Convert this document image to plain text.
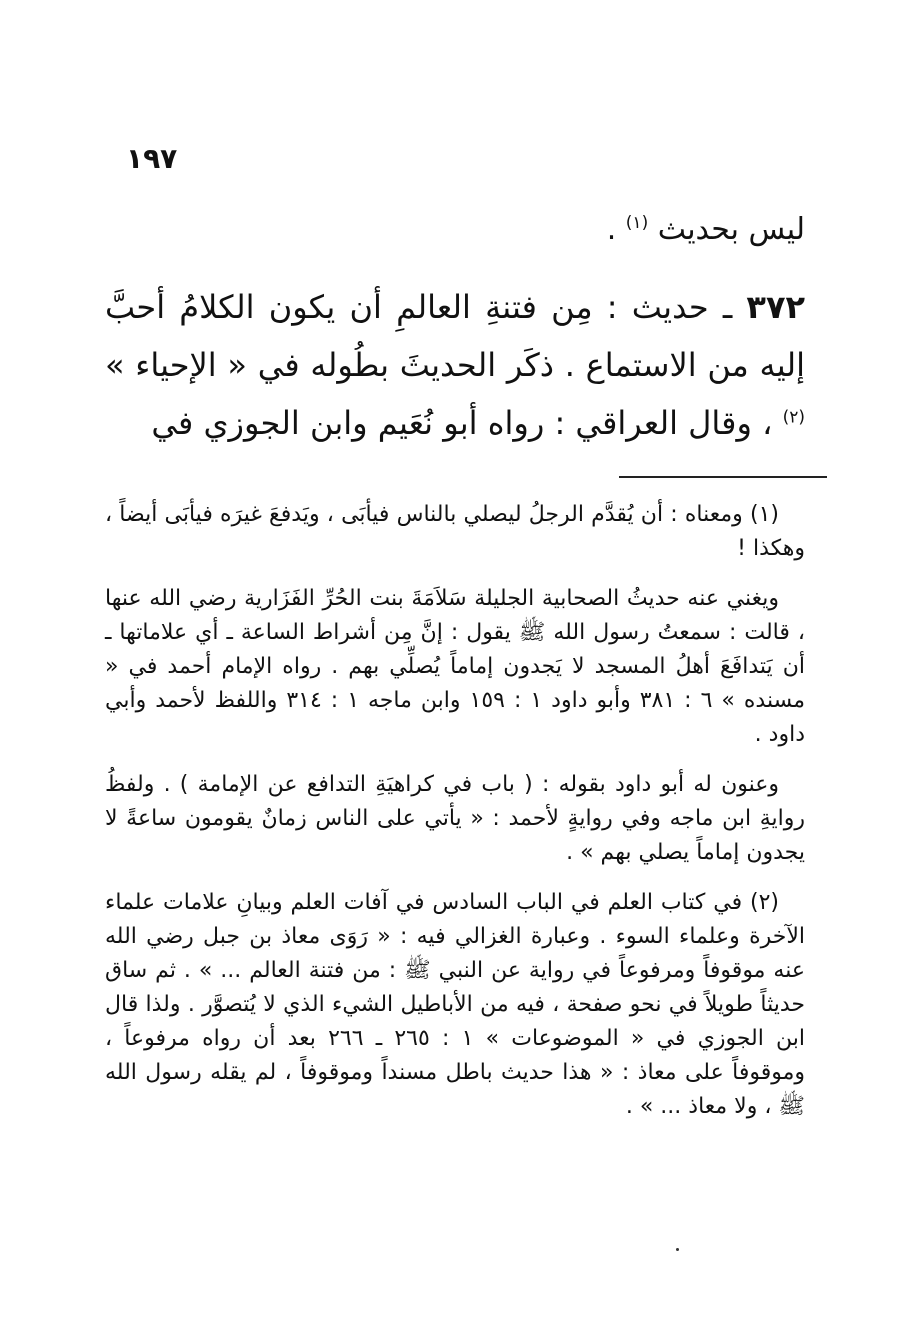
١٩٧
ليس بحديث $^{(١)}$ .
٣٧٢ ـ حديث : مِن فتنةِ العالمِ أن يكون الكلامُ أحبَّ إليه من الاستماع . ذكَر الحديثَ بطُوله في « الإحياء » $^{(٢)}$ ، وقال العراقي : رواه أبو نُعَيم وابن الجوزي في

(١) ومعناه : أن يُقدَّم الرجلُ ليصلي بالناس فيأبَى ، ويَدفعَ غيرَه فيأبَى أيضاً ، وهكذا !

ويغني عنه حديثُ الصحابية الجليلة سَلاَمَةَ بنت الحُرِّ الفَزَارية رضي الله عنها ، قالت : سمعتُ رسول الله ﷺ يقول : إنَّ مِن أشراط الساعة ـ أي علاماتها ـ أن يَتدافَعَ أهلُ المسجد لا يَجدون إماماً يُصلِّي بهم . رواه الإمام أحمد في « مسنده » ٦ : ٣٨١ وأبو داود ١ : ١٥٩ وابن ماجه ١ : ٣١٤ واللفظ لأحمد وأبي داود .

وعنون له أبو داود بقوله : ( باب في كراهيَةِ التدافع عن الإمامة ) . ولفظُ روايةِ ابن ماجه وفي روايةٍ لأحمد : « يأتي على الناس زمانٌ يقومون ساعةً لا يجدون إماماً يصلي بهم » .

(٢) في كتاب العلم في الباب السادس في آفات العلم وبيانِ علامات علماء الآخرة وعلماء السوء . وعبارة الغزالي فيه : « رَوَى معاذ بن جبل رضي الله عنه موقوفاً ومرفوعاً في رواية عن النبي ﷺ : من فتنة العالم ... » . ثم ساق حديثاً طويلاً في نحو صفحة ، فيه من الأباطيل الشيء الذي لا يُتصوَّر . ولذا قال ابن الجوزي في « الموضوعات » ١ : ٢٦٥ ـ ٢٦٦ بعد أن رواه مرفوعاً ، وموقوفاً على معاذ : « هذا حديث باطل مسنداً وموقوفاً ، لم يقله رسول الله ﷺ ، ولا معاذ ... » .
